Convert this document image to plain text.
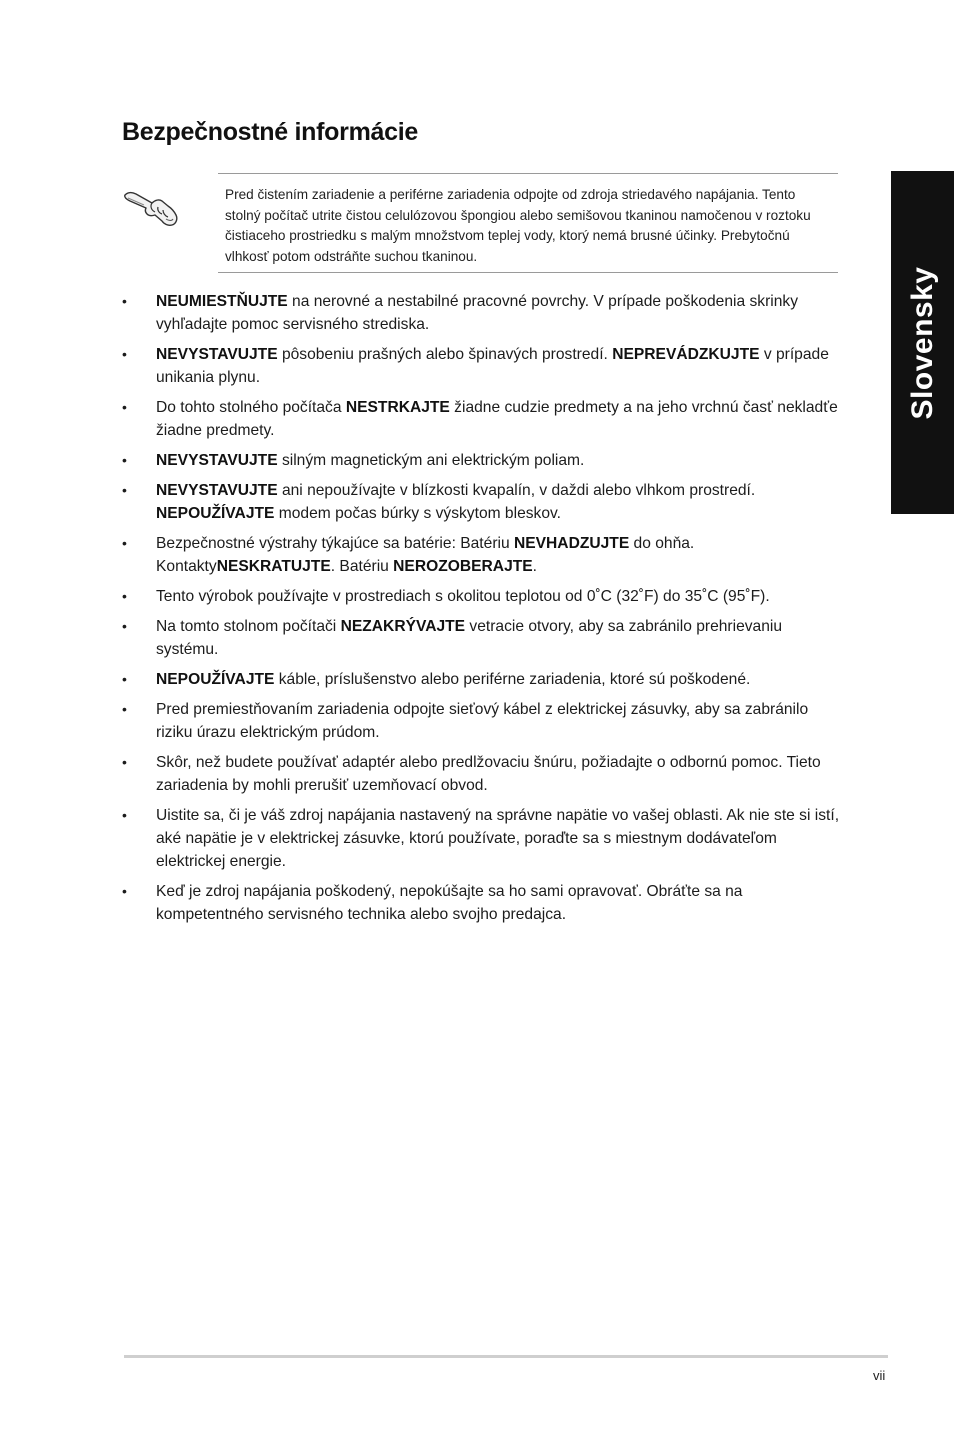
Bezpečnostné informácie
Slovensky

Pred čistením zariadenie a periférne zariadenia odpojte od zdroja striedavého napájania. Tento stolný počítač utrite čistou celulózovou špongiou alebo semišovou tkaninou namočenou v roztoku čistiaceho prostriedku s malým množstvom teplej vody, ktorý nemá brusné účinky. Prebytočnú vlhkosť potom odstráňte suchou tkaninou.

• NEUMIESTŇUJTE na nerovné a nestabilné pracovné povrchy. V prípade poškodenia skrinky vyhľadajte pomoc servisného strediska.
• NEVYSTAVUJTE pôsobeniu prašných alebo špinavých prostredí. NEPREVÁDZKUJTE v prípade unikania plynu.
• Do tohto stolného počítača NESTRKAJTE žiadne cudzie predmety a na jeho vrchnú časť nekladťe žiadne predmety.
• NEVYSTAVUJTE silným magnetickým ani elektrickým poliam.
• NEVYSTAVUJTE ani nepoužívajte v blízkosti kvapalín, v daždi alebo vlhkom prostredí. NEPOUŽÍVAJTE modem počas búrky s výskytom bleskov.
• Bezpečnostné výstrahy týkajúce sa batérie: Batériu NEVHADZUJTE do ohňa. KontaktyNESKRATUJTE. Batériu NEROZOBERAJTE.
• Tento výrobok používajte v prostrediach s okolitou teplotou od 0˚C (32˚F) do 35˚C (95˚F).
• Na tomto stolnom počítači NEZAKRÝVAJTE vetracie otvory, aby sa zabránilo prehrievaniu systému.
• NEPOUŽÍVAJTE káble, príslušenstvo alebo periférne zariadenia, ktoré sú poškodené.
• Pred premiestňovaním zariadenia odpojte sieťový kábel z elektrickej zásuvky, aby sa zabránilo riziku úrazu elektrickým prúdom.
• Skôr, než budete používať adaptér alebo predlžovaciu šnúru, požiadajte o odbornú pomoc. Tieto zariadenia by mohli prerušiť uzemňovací obvod.
• Uistite sa, či je váš zdroj napájania nastavený na správne napätie vo vašej oblasti. Ak nie ste si istí, aké napätie je v elektrickej zásuvke, ktorú používate, poraďte sa s miestnym dodávateľom elektrickej energie.
• Keď je zdroj napájania poškodený, nepokúšajte sa ho sami opravovať. Obráťte sa na kompetentného servisného technika alebo svojho predajca.
vii
